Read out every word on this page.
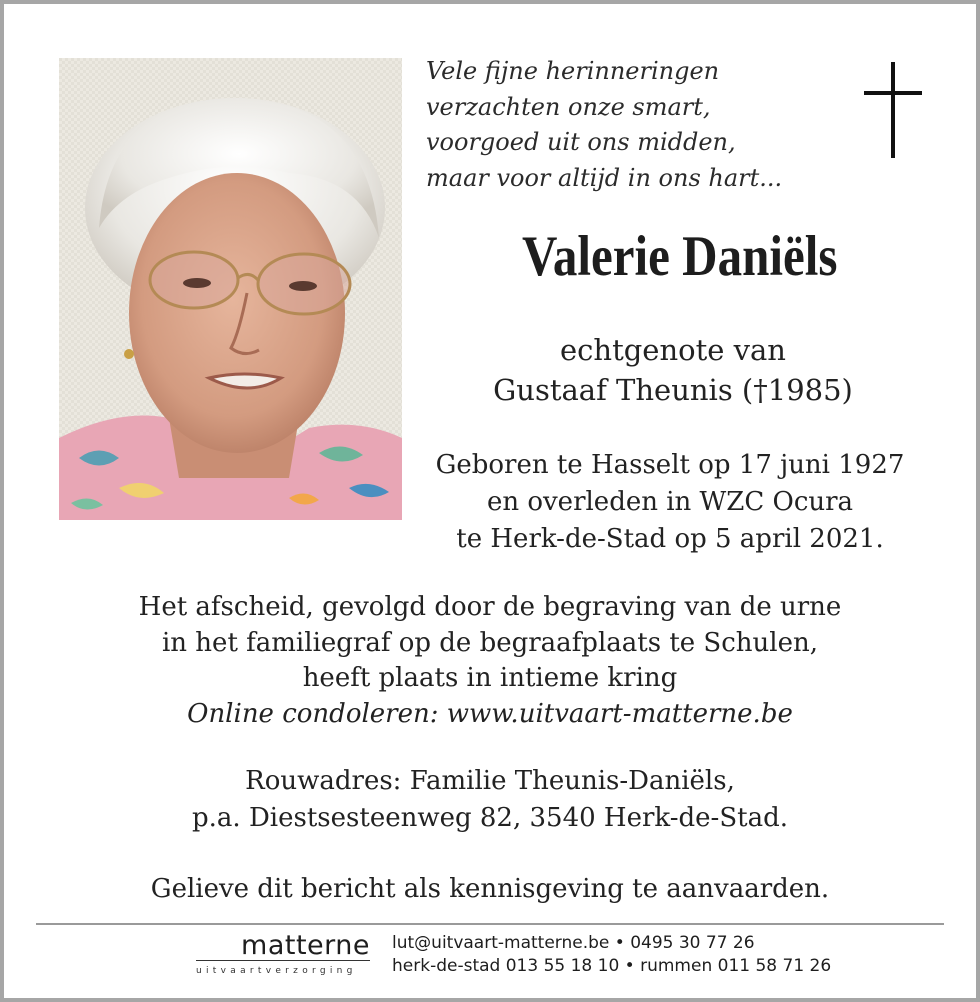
Vele fijne herinneringen
verzachten onze smart,
voorgoed uit ons midden,
maar voor altijd in ons hart...
Valerie Daniëls
echtgenote van
Gustaaf Theunis (†1985)
Geboren te Hasselt op 17 juni 1927
en overleden in WZC Ocura
te Herk-de-Stad op 5 april 2021.
Het afscheid, gevolgd door de begraving van de urne
in het familiegraf op de begraafplaats te Schulen,
heeft plaats in intieme kring
Online condoleren: www.uitvaart-matterne.be
Rouwadres: Familie Theunis-Daniëls,
p.a. Diestsesteenweg 82, 3540 Herk-de-Stad.
Gelieve dit bericht als kennisgeving te aanvaarden.
matterne
uitvaartverzorging
lut@uitvaart-matterne.be • 0495 30 77 26
herk-de-stad 013 55 18 10 • rummen 011 58 71 26
